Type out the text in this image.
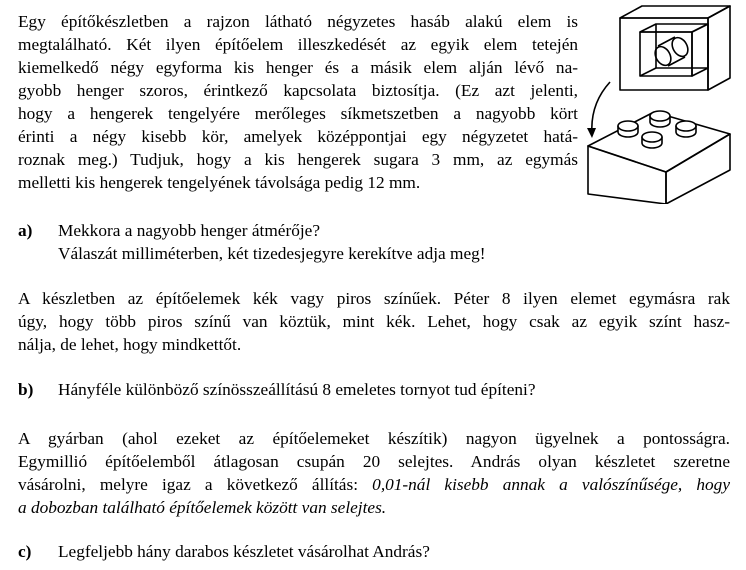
Egy építőkészletben a rajzon látható négyzetes hasáb alakú elem is
megtalálható. Két ilyen építőelem illeszkedését az egyik elem tetején
kiemelkedő négy egyforma kis henger és a másik elem alján lévő na-
gyobb henger szoros, érintkező kapcsolata biztosítja. (Ez azt jelenti,
hogy a hengerek tengelyére merőleges síkmetszetben a nagyobb kört
érinti a négy kisebb kör, amelyek középpontjai egy négyzetet hatá-
roznak meg.) Tudjuk, hogy a kis hengerek sugara 3 mm, az egymás
melletti kis hengerek tengelyének távolsága pedig 12 mm.
a) Mekkora a nagyobb henger átmérője?
Válaszát milliméterben, két tizedesjegyre kerekítve adja meg!
A készletben az építőelemek kék vagy piros színűek. Péter 8 ilyen elemet egymásra rak
úgy, hogy több piros színű van köztük, mint kék. Lehet, hogy csak az egyik színt hasz-
nálja, de lehet, hogy mindkettőt.
b) Hányféle különböző színösszeállítású 8 emeletes tornyot tud építeni?
A gyárban (ahol ezeket az építőelemeket készítik) nagyon ügyelnek a pontosságra.
Egymillió építőelemből átlagosan csupán 20 selejtes. András olyan készletet szeretne
vásárolni, melyre igaz a következő állítás: 0,01-nál kisebb annak a valószínűsége, hogy
a dobozban található építőelemek között van selejtes.
c) Legfeljebb hány darabos készletet vásárolhat András?
